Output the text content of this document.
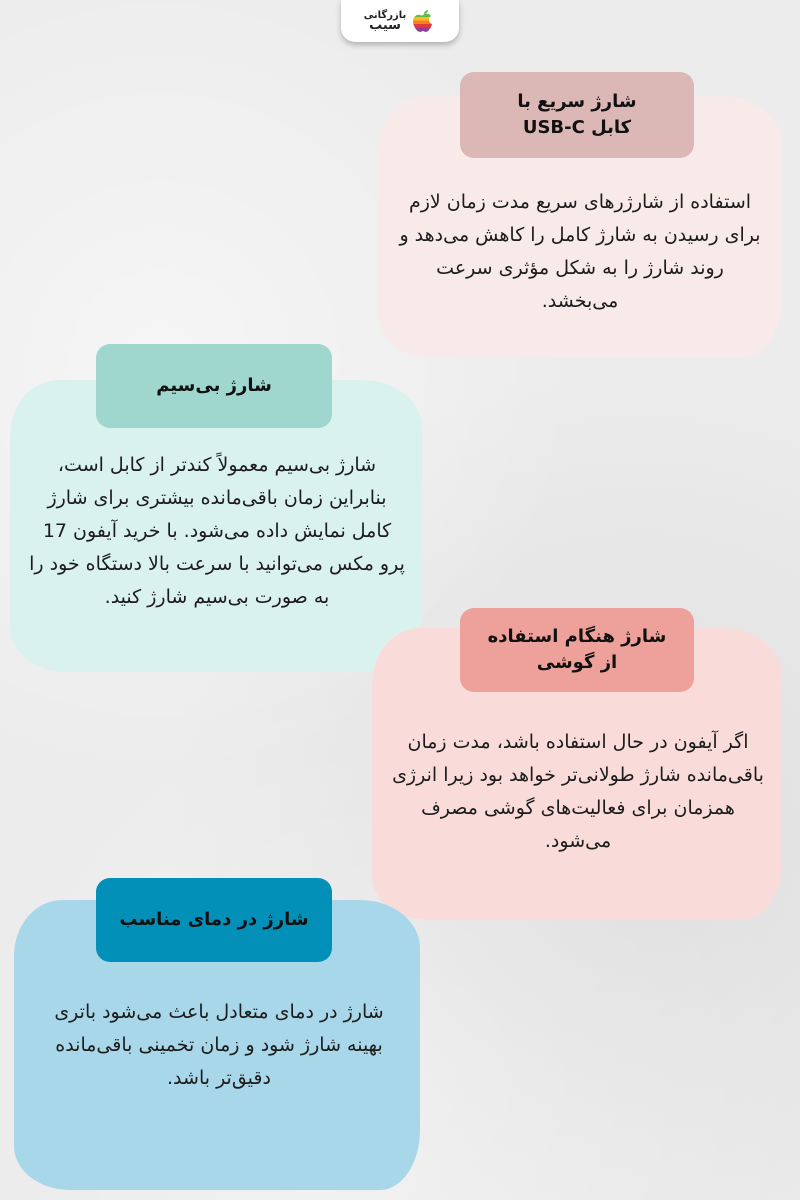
بازرگانی
سیب
شارژ سریع با کابل USB-C
استفاده از شارژرهای سریع مدت زمان لازم برای رسیدن به شارژ کامل را کاهش می‌دهد و روند شارژ را به شکل مؤثری سرعت می‌بخشد.
شارژ بی‌سیم
شارژ بی‌سیم معمولاً کندتر از کابل است، بنابراین زمان باقی‌مانده بیشتری برای شارژ کامل نمایش داده می‌شود. با خرید آیفون 17 پرو مکس می‌توانید با سرعت بالا دستگاه خود را به صورت بی‌سیم شارژ کنید.
شارژ هنگام استفاده از گوشی
اگر آیفون در حال استفاده باشد، مدت زمان باقی‌مانده شارژ طولانی‌تر خواهد بود زیرا انرژی همزمان برای فعالیت‌های گوشی مصرف می‌شود.
شارژ در دمای مناسب
شارژ در دمای متعادل باعث می‌شود باتری بهینه شارژ شود و زمان تخمینی باقی‌مانده دقیق‌تر باشد.
